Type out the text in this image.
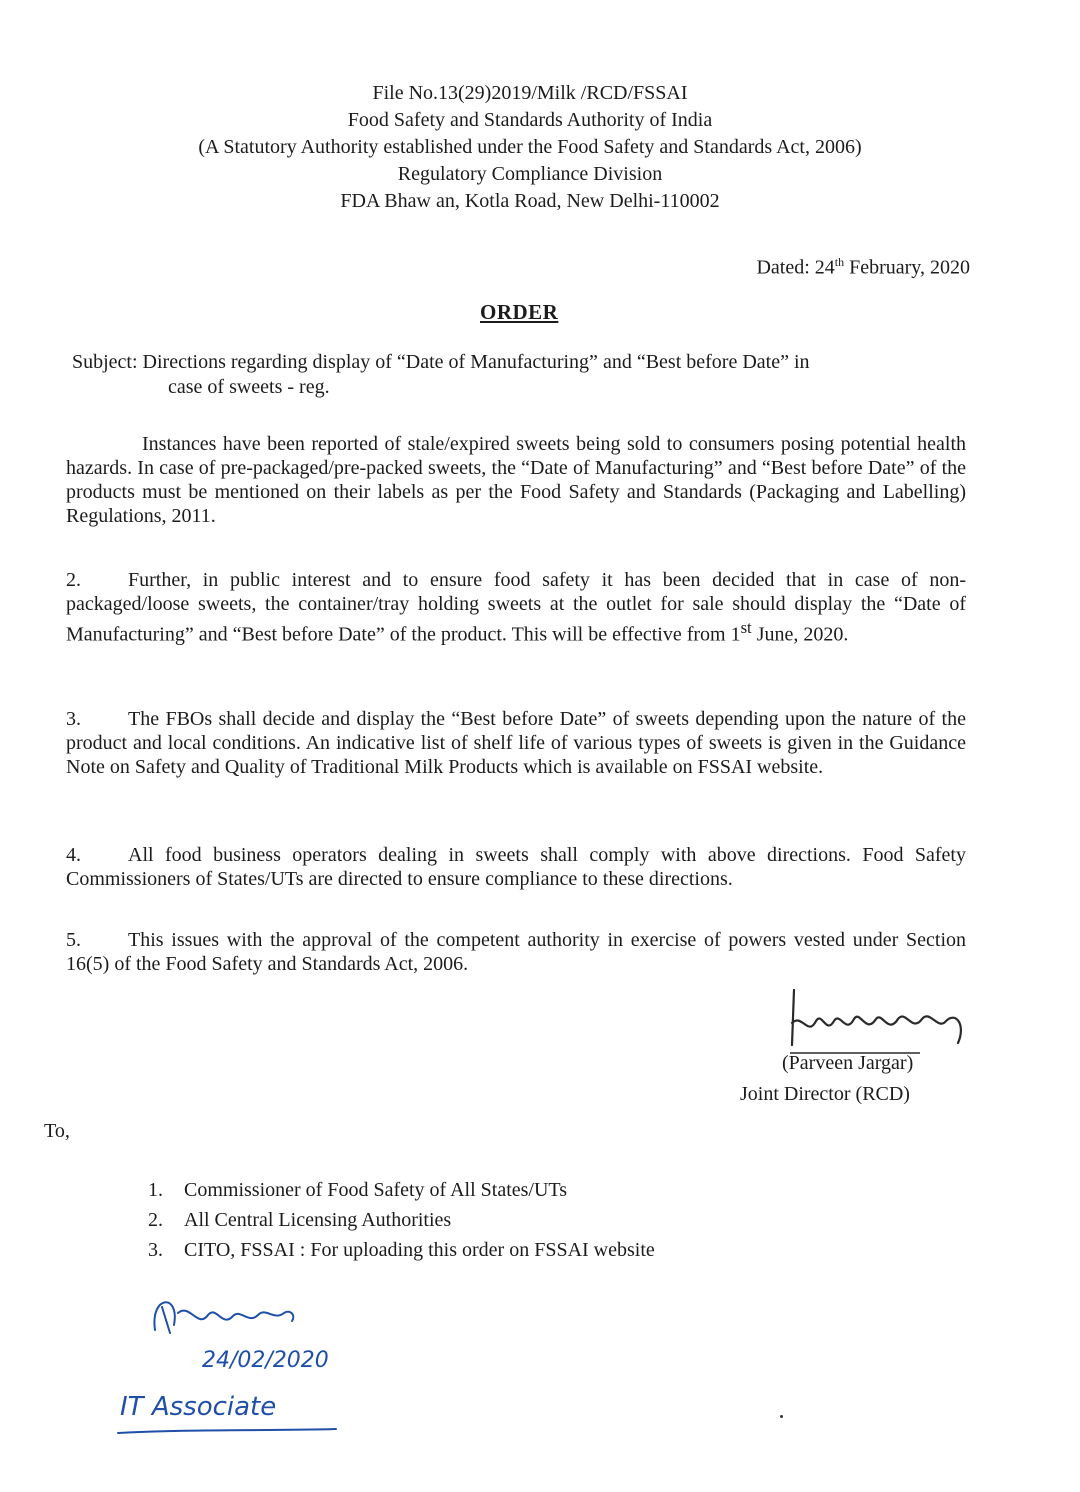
File No.13(29)2019/Milk /RCD/FSSAI
Food Safety and Standards Authority of India
(A Statutory Authority established under the Food Safety and Standards Act, 2006)
Regulatory Compliance Division
FDA Bhaw an, Kotla Road, New Delhi-110002
Dated: 24th February, 2020
ORDER
Subject: Directions regarding display of “Date of Manufacturing” and “Best before Date” in
case of sweets - reg.
Instances have been reported of stale/expired sweets being sold to consumers posing potential health hazards. In case of pre-packaged/pre-packed sweets, the “Date of Manufacturing” and “Best before Date” of the products must be mentioned on their labels as per the Food Safety and Standards (Packaging and Labelling) Regulations, 2011.
2. Further, in public interest and to ensure food safety it has been decided that in case of non-packaged/loose sweets, the container/tray holding sweets at the outlet for sale should display the “Date of Manufacturing” and “Best before Date” of the product. This will be effective from 1st June, 2020.
3. The FBOs shall decide and display the “Best before Date” of sweets depending upon the nature of the product and local conditions. An indicative list of shelf life of various types of sweets is given in the Guidance Note on Safety and Quality of Traditional Milk Products which is available on FSSAI website.
4. All food business operators dealing in sweets shall comply with above directions. Food Safety Commissioners of States/UTs are directed to ensure compliance to these directions.
5. This issues with the approval of the competent authority in exercise of powers vested under Section 16(5) of the Food Safety and Standards Act, 2006.
(Parveen Jargar)
Joint Director (RCD)
To,
1. Commissioner of Food Safety of All States/UTs
2. All Central Licensing Authorities
3. CITO, FSSAI : For uploading this order on FSSAI website
24/02/2020
IT Associate
